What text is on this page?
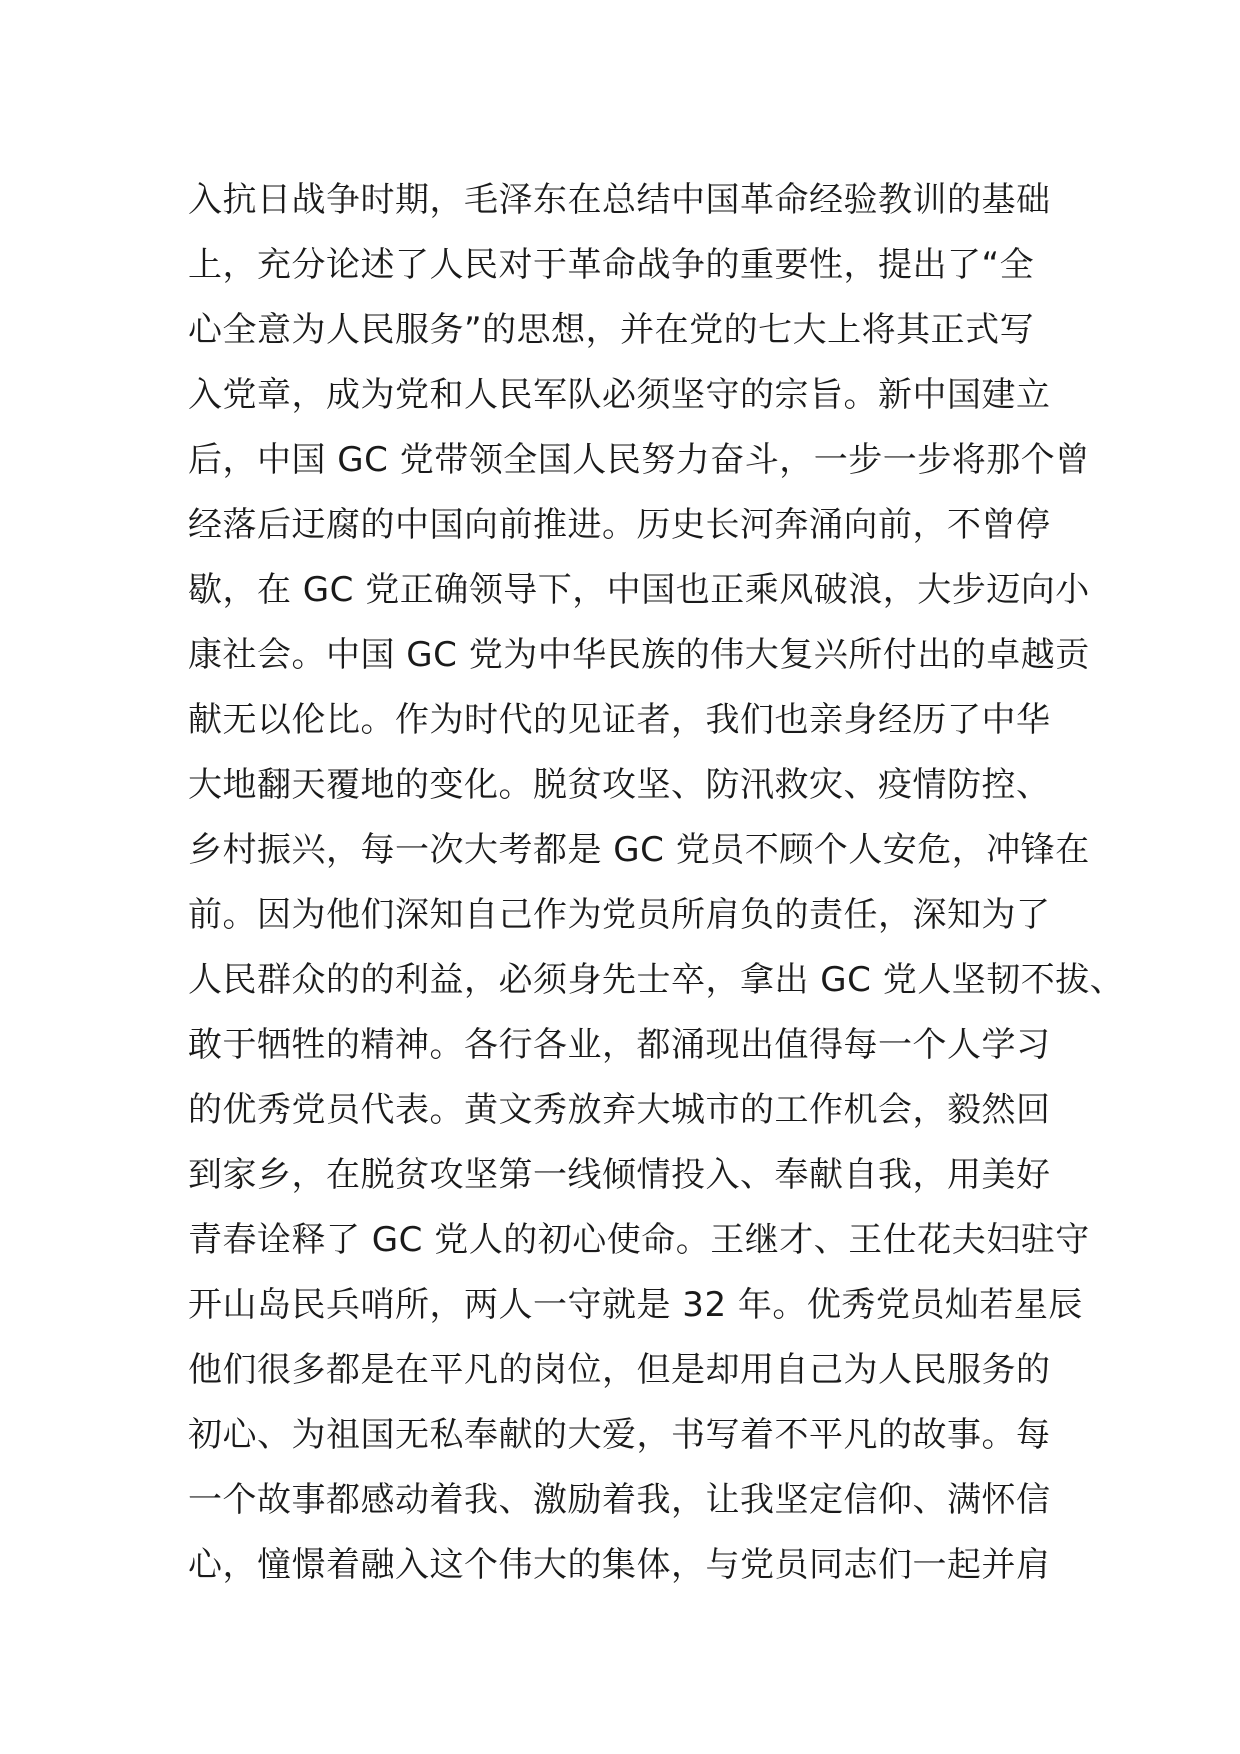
入抗日战争时期，毛泽东在总结中国革命经验教训的基础
上，充分论述了人民对于革命战争的重要性，提出了“全
心全意为人民服务”的思想，并在党的七大上将其正式写
入党章，成为党和人民军队必须坚守的宗旨。新中国建立
后，中国 GC 党带领全国人民努力奋斗，一步一步将那个曾
经落后迂腐的中国向前推进。历史长河奔涌向前，不曾停
歇，在 GC 党正确领导下，中国也正乘风破浪，大步迈向小
康社会。中国 GC 党为中华民族的伟大复兴所付出的卓越贡
献无以伦比。作为时代的见证者，我们也亲身经历了中华
大地翻天覆地的变化。脱贫攻坚、防汛救灾、疫情防控、
乡村振兴，每一次大考都是 GC 党员不顾个人安危，冲锋在
前。因为他们深知自己作为党员所肩负的责任，深知为了
人民群众的的利益，必须身先士卒，拿出 GC 党人坚韧不拔、
敢于牺牲的精神。各行各业，都涌现出值得每一个人学习
的优秀党员代表。黄文秀放弃大城市的工作机会，毅然回
到家乡，在脱贫攻坚第一线倾情投入、奉献自我，用美好
青春诠释了 GC 党人的初心使命。王继才、王仕花夫妇驻守
开山岛民兵哨所，两人一守就是 32 年。优秀党员灿若星辰
他们很多都是在平凡的岗位，但是却用自己为人民服务的
初心、为祖国无私奉献的大爱，书写着不平凡的故事。每
一个故事都感动着我、激励着我，让我坚定信仰、满怀信
心，憧憬着融入这个伟大的集体，与党员同志们一起并肩
